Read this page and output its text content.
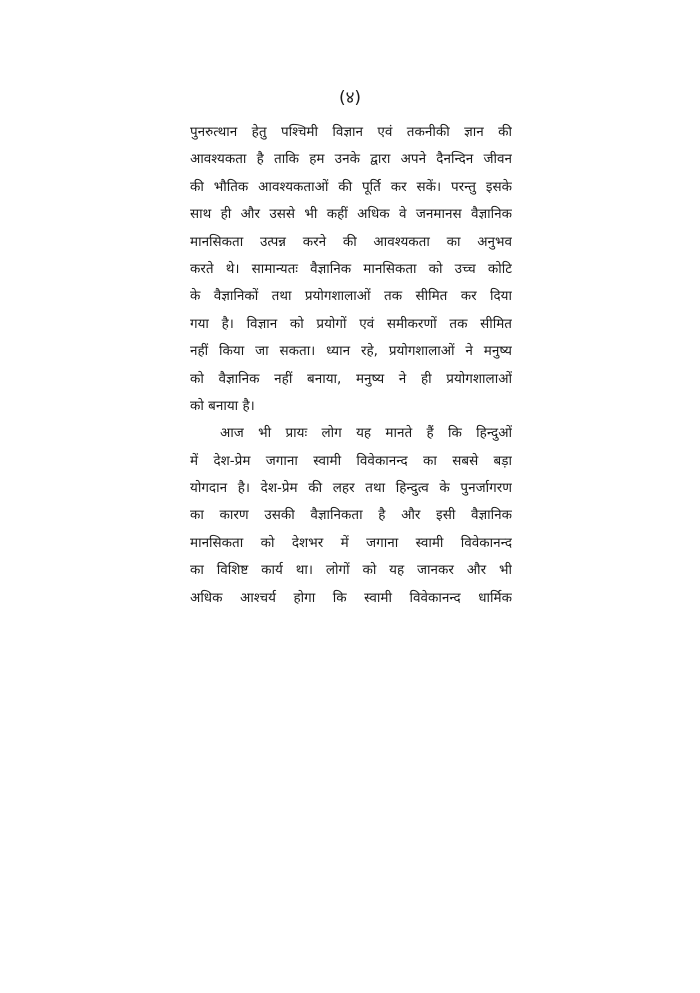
(४)
पुनरुत्थान हेतु पश्चिमी विज्ञान एवं तकनीकी ज्ञान की
आवश्यकता है ताकि हम उनके द्वारा अपने दैनन्दिन जीवन
की भौतिक आवश्यकताओं की पूर्ति कर सकें। परन्तु इसके
साथ ही और उससे भी कहीं अधिक वे जनमानस वैज्ञानिक
मानसिकता उत्पन्न करने की आवश्यकता का अनुभव
करते थे। सामान्यतः वैज्ञानिक मानसिकता को उच्च कोटि
के वैज्ञानिकों तथा प्रयोगशालाओं तक सीमित कर दिया
गया है। विज्ञान को प्रयोगों एवं समीकरणों तक सीमित
नहीं किया जा सकता। ध्यान रहे, प्रयोगशालाओं ने मनुष्य
को वैज्ञानिक नहीं बनाया, मनुष्य ने ही प्रयोगशालाओं
को बनाया है।
आज भी प्रायः लोग यह मानते हैं कि हिन्दुओं
में देश-प्रेम जगाना स्वामी विवेकानन्द का सबसे बड़ा
योगदान है। देश-प्रेम की लहर तथा हिन्दुत्व के पुनर्जागरण
का कारण उसकी वैज्ञानिकता है और इसी वैज्ञानिक
मानसिकता को देशभर में जगाना स्वामी विवेकानन्द
का विशिष्ट कार्य था। लोगों को यह जानकर और भी
अधिक आश्चर्य होगा कि स्वामी विवेकानन्द धार्मिक
